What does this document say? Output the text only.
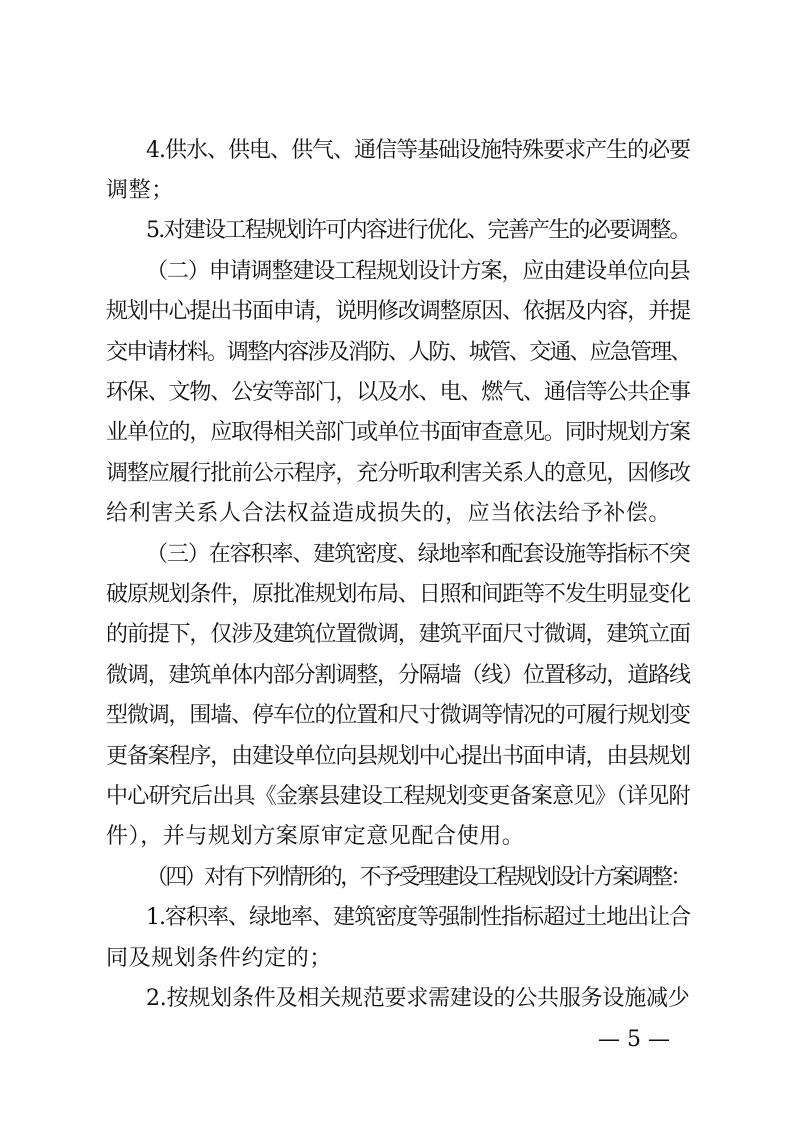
4.供水、供电、供气、通信等基础设施特殊要求产生的必要
调整；
5.对建设工程规划许可内容进行优化、完善产生的必要调整。
（二）申请调整建设工程规划设计方案，应由建设单位向县
规划中心提出书面申请，说明修改调整原因、依据及内容，并提
交申请材料。调整内容涉及消防、人防、城管、交通、应急管理、
环保、文物、公安等部门，以及水、电、燃气、通信等公共企事
业单位的，应取得相关部门或单位书面审查意见。同时规划方案
调整应履行批前公示程序，充分听取利害关系人的意见，因修改
给利害关系人合法权益造成损失的，应当依法给予补偿。
（三）在容积率、建筑密度、绿地率和配套设施等指标不突
破原规划条件，原批准规划布局、日照和间距等不发生明显变化
的前提下，仅涉及建筑位置微调，建筑平面尺寸微调，建筑立面
微调，建筑单体内部分割调整，分隔墙（线）位置移动，道路线
型微调，围墙、停车位的位置和尺寸微调等情况的可履行规划变
更备案程序，由建设单位向县规划中心提出书面申请，由县规划
中心研究后出具《金寨县建设工程规划变更备案意见》（详见附
件），并与规划方案原审定意见配合使用。
（四）对有下列情形的，不予受理建设工程规划设计方案调整：
1.容积率、绿地率、建筑密度等强制性指标超过土地出让合
同及规划条件约定的；
2.按规划条件及相关规范要求需建设的公共服务设施减少
— 5 —
